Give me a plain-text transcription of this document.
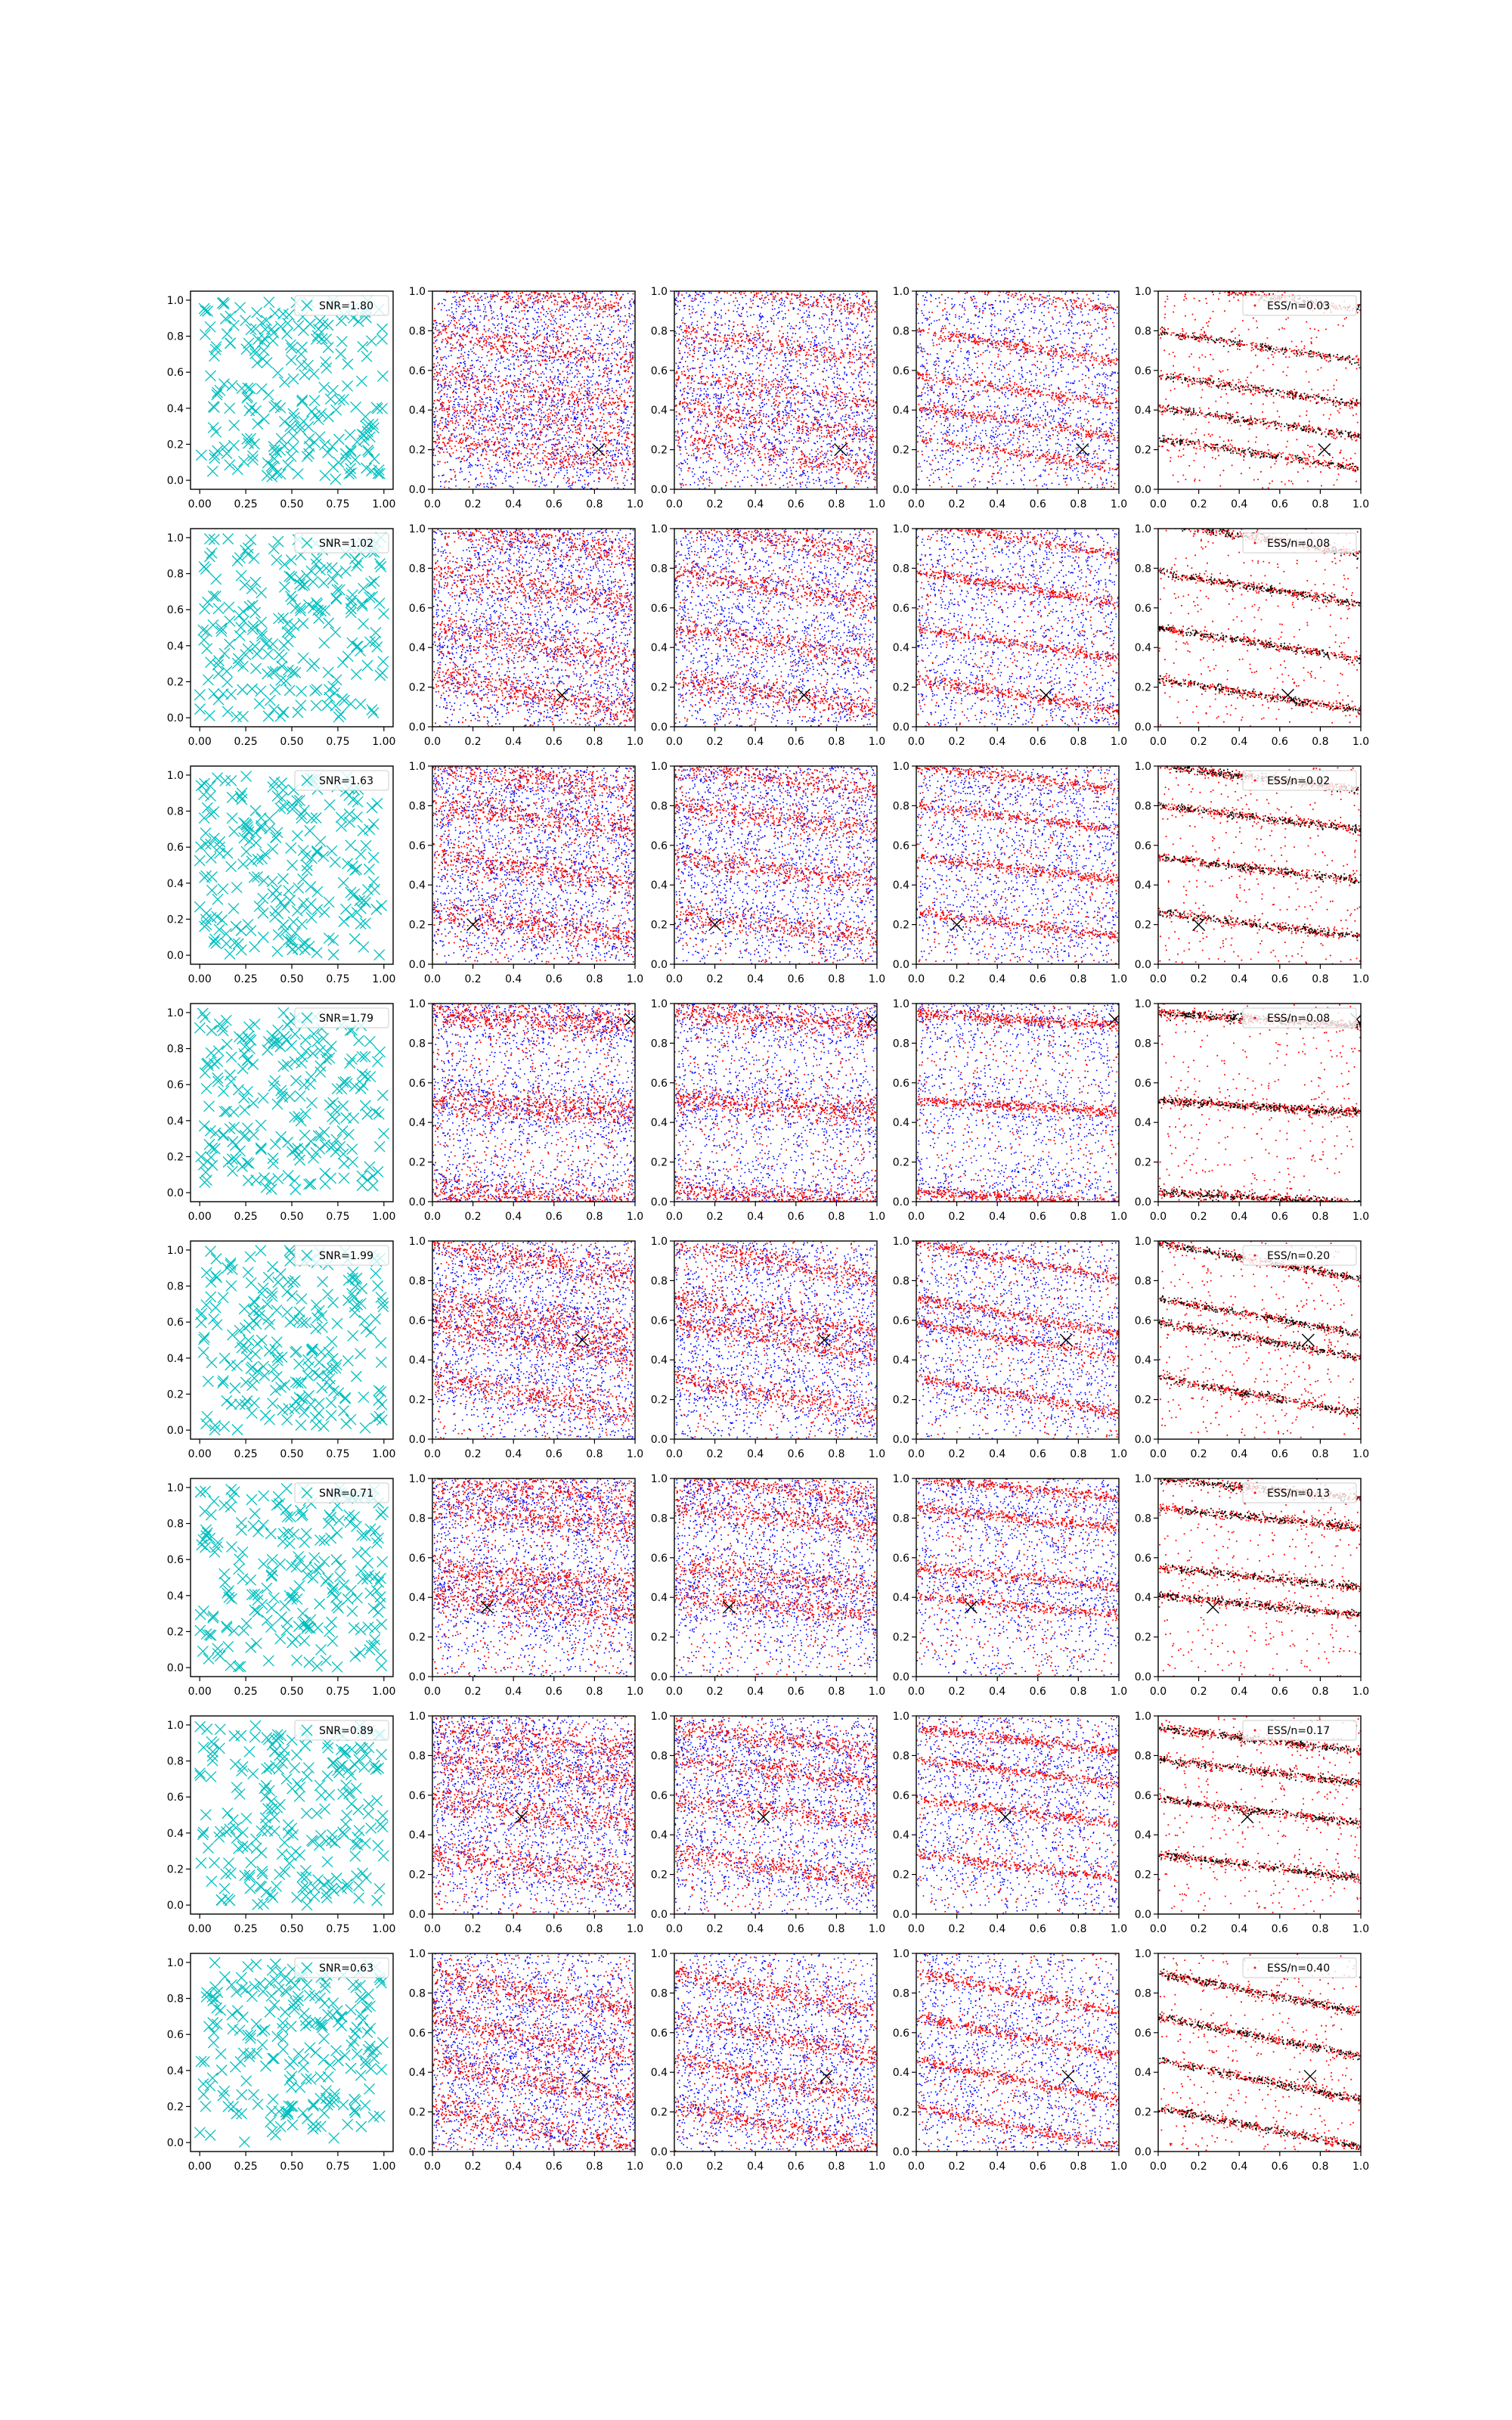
0.00 0.25 0.50 0.75 1.00
0.0
0.2
0.4
0.6
0.8
1.0	SNR=1.80
0.0 0.2 0.4 0.6 0.8 1.0
0.0
0.2
0.4
0.6
0.8
1.0
0.0 0.2 0.4 0.6 0.8 1.0
0.0
0.2
0.4
0.6
0.8
1.0
0.0 0.2 0.4 0.6 0.8 1.0
0.0
0.2
0.4
0.6
0.8
1.0
0.0 0.2 0.4 0.6 0.8 1.0
0.0
0.2
0.4
0.6
0.8
1.0
ESS/n=0.03
0.00 0.25 0.50 0.75 1.00
0.0
0.2
0.4
0.6
0.8
1.0	SNR=1.02
0.0 0.2 0.4 0.6 0.8 1.0
0.0
0.2
0.4
0.6
0.8
1.0
0.0 0.2 0.4 0.6 0.8 1.0
0.0
0.2
0.4
0.6
0.8
1.0
0.0 0.2 0.4 0.6 0.8 1.0
0.0
0.2
0.4
0.6
0.8
1.0
0.0 0.2 0.4 0.6 0.8 1.0
0.0
0.2
0.4
0.6
0.8
1.0
ESS/n=0.08
0.00 0.25 0.50 0.75 1.00
0.0
0.2
0.4
0.6
0.8
1.0	SNR=1.63
0.0 0.2 0.4 0.6 0.8 1.0
0.0
0.2
0.4
0.6
0.8
1.0
0.0 0.2 0.4 0.6 0.8 1.0
0.0
0.2
0.4
0.6
0.8
1.0
0.0 0.2 0.4 0.6 0.8 1.0
0.0
0.2
0.4
0.6
0.8
1.0
0.0 0.2 0.4 0.6 0.8 1.0
0.0
0.2
0.4
0.6
0.8
1.0
ESS/n=0.02
0.00 0.25 0.50 0.75 1.00
0.0
0.2
0.4
0.6
0.8
1.0	SNR=1.79
0.0 0.2 0.4 0.6 0.8 1.0
0.0
0.2
0.4
0.6
0.8
1.0
0.0 0.2 0.4 0.6 0.8 1.0
0.0
0.2
0.4
0.6
0.8
1.0
0.0 0.2 0.4 0.6 0.8 1.0
0.0
0.2
0.4
0.6
0.8
1.0
0.0 0.2 0.4 0.6 0.8 1.0
0.0
0.2
0.4
0.6
0.8
1.0
ESS/n=0.08
0.00 0.25 0.50 0.75 1.00
0.0
0.2
0.4
0.6
0.8
1.0	SNR=1.99
0.0 0.2 0.4 0.6 0.8 1.0
0.0
0.2
0.4
0.6
0.8
1.0
0.0 0.2 0.4 0.6 0.8 1.0
0.0
0.2
0.4
0.6
0.8
1.0
0.0 0.2 0.4 0.6 0.8 1.0
0.0
0.2
0.4
0.6
0.8
1.0
0.0 0.2 0.4 0.6 0.8 1.0
0.0
0.2
0.4
0.6
0.8
1.0
ESS/n=0.20
0.00 0.25 0.50 0.75 1.00
0.0
0.2
0.4
0.6
0.8
1.0	SNR=0.71
0.0 0.2 0.4 0.6 0.8 1.0
0.0
0.2
0.4
0.6
0.8
1.0
0.0 0.2 0.4 0.6 0.8 1.0
0.0
0.2
0.4
0.6
0.8
1.0
0.0 0.2 0.4 0.6 0.8 1.0
0.0
0.2
0.4
0.6
0.8
1.0
0.0 0.2 0.4 0.6 0.8 1.0
0.0
0.2
0.4
0.6
0.8
1.0
ESS/n=0.13
0.00 0.25 0.50 0.75 1.00
0.0
0.2
0.4
0.6
0.8
1.0	SNR=0.89
0.0 0.2 0.4 0.6 0.8 1.0
0.0
0.2
0.4
0.6
0.8
1.0
0.0 0.2 0.4 0.6 0.8 1.0
0.0
0.2
0.4
0.6
0.8
1.0
0.0 0.2 0.4 0.6 0.8 1.0
0.0
0.2
0.4
0.6
0.8
1.0
0.0 0.2 0.4 0.6 0.8 1.0
0.0
0.2
0.4
0.6
0.8
1.0
ESS/n=0.17
0.00 0.25 0.50 0.75 1.00
0.0
0.2
0.4
0.6
0.8
1.0	SNR=0.63
0.0 0.2 0.4 0.6 0.8 1.0
0.0
0.2
0.4
0.6
0.8
1.0
0.0 0.2 0.4 0.6 0.8 1.0
0.0
0.2
0.4
0.6
0.8
1.0
0.0 0.2 0.4 0.6 0.8 1.0
0.0
0.2
0.4
0.6
0.8
1.0
0.0 0.2 0.4 0.6 0.8 1.0
0.0
0.2
0.4
0.6
0.8
1.0
ESS/n=0.40
